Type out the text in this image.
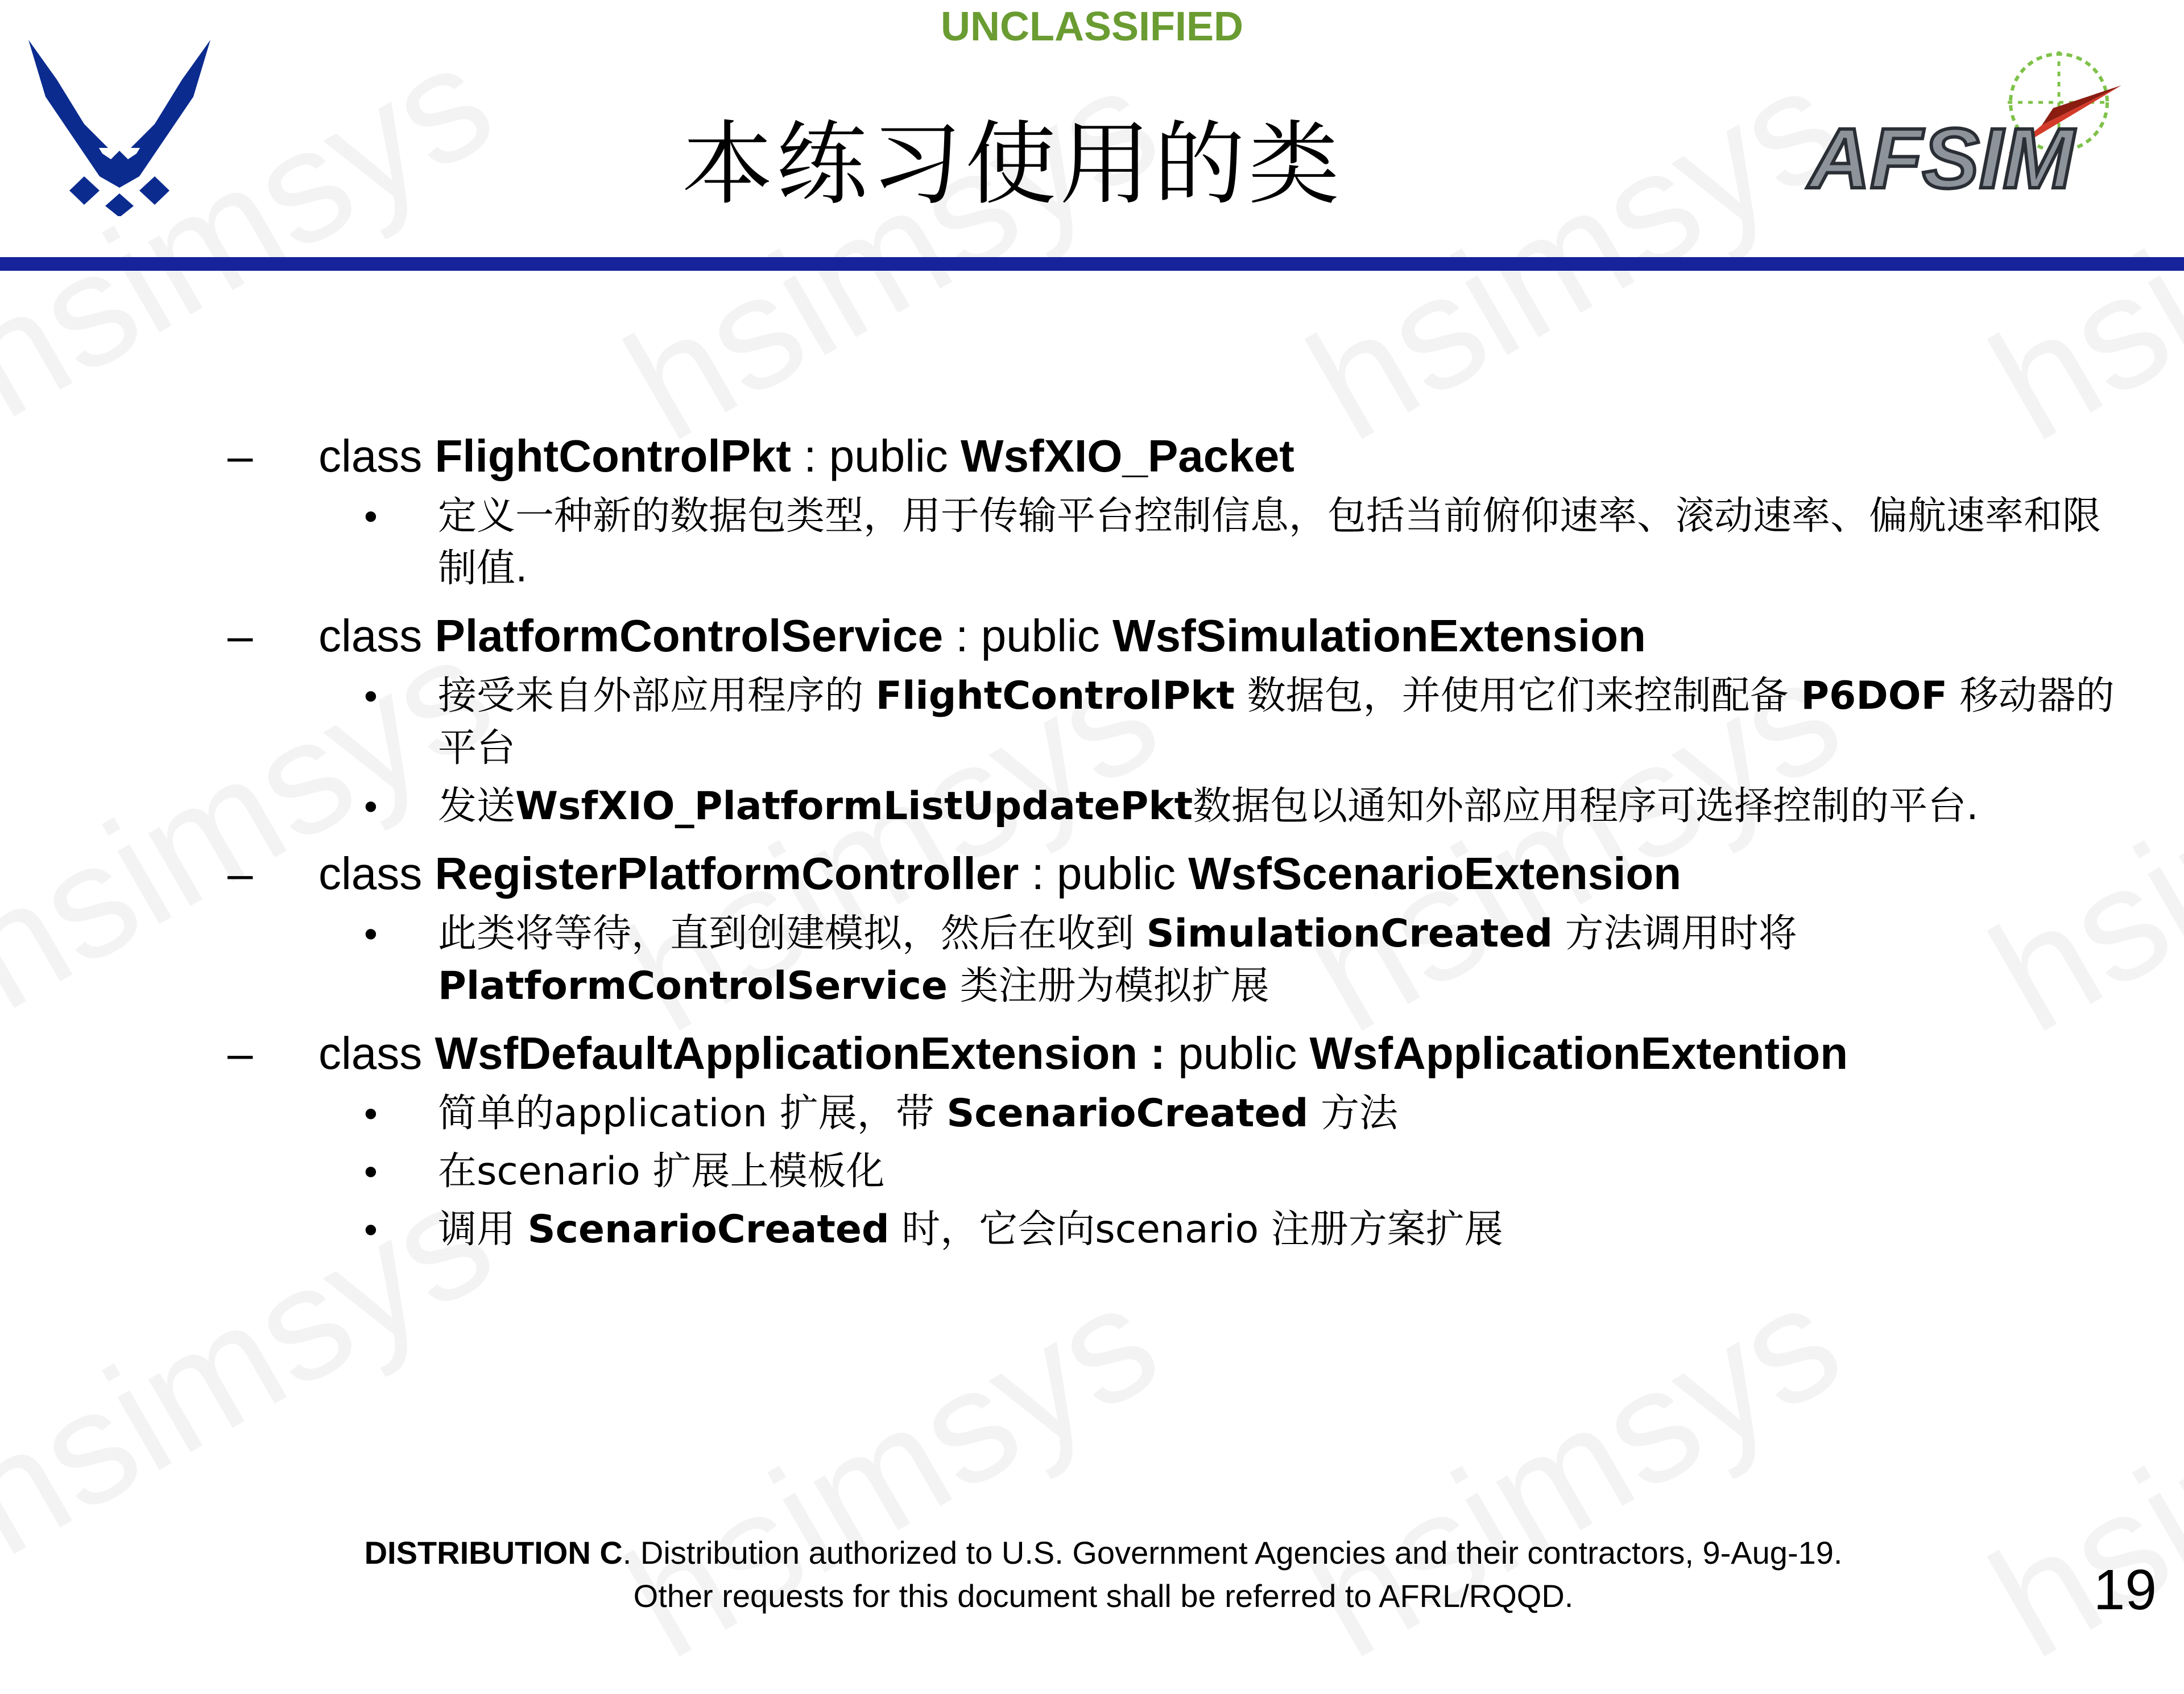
UNCLASSIFIED
本练习使用的类	AFSIM
–	class FlightControlPkt : public WsfXIO_Packet
•	定义一种新的数据包类型，用于传输平台控制信息，包括当前俯仰速率、滚动速率、偏航速率和限制值.
–	class PlatformControlService : public WsfSimulationExtension
•	接受来自外部应用程序的 FlightControlPkt 数据包，并使用它们来控制配备 P6DOF 移动器的平台
•	发送WsfXIO_PlatformListUpdatePkt数据包以通知外部应用程序可选择控制的平台.
–	class RegisterPlatformController : public WsfScenarioExtension
•	此类将等待，直到创建模拟，然后在收到 SimulationCreated 方法调用时将 PlatformControlService 类注册为模拟扩展
–	class WsfDefaultApplicationExtension : public WsfApplicationExtention
•	简单的application 扩展，带 ScenarioCreated 方法
•	在scenario 扩展上模板化
•	调用 ScenarioCreated 时，它会向scenario 注册方案扩展
DISTRIBUTION C. Distribution authorized to U.S. Government Agencies and their contractors, 9-Aug-19.
Other requests for this document shall be referred to AFRL/RQQD.	19
